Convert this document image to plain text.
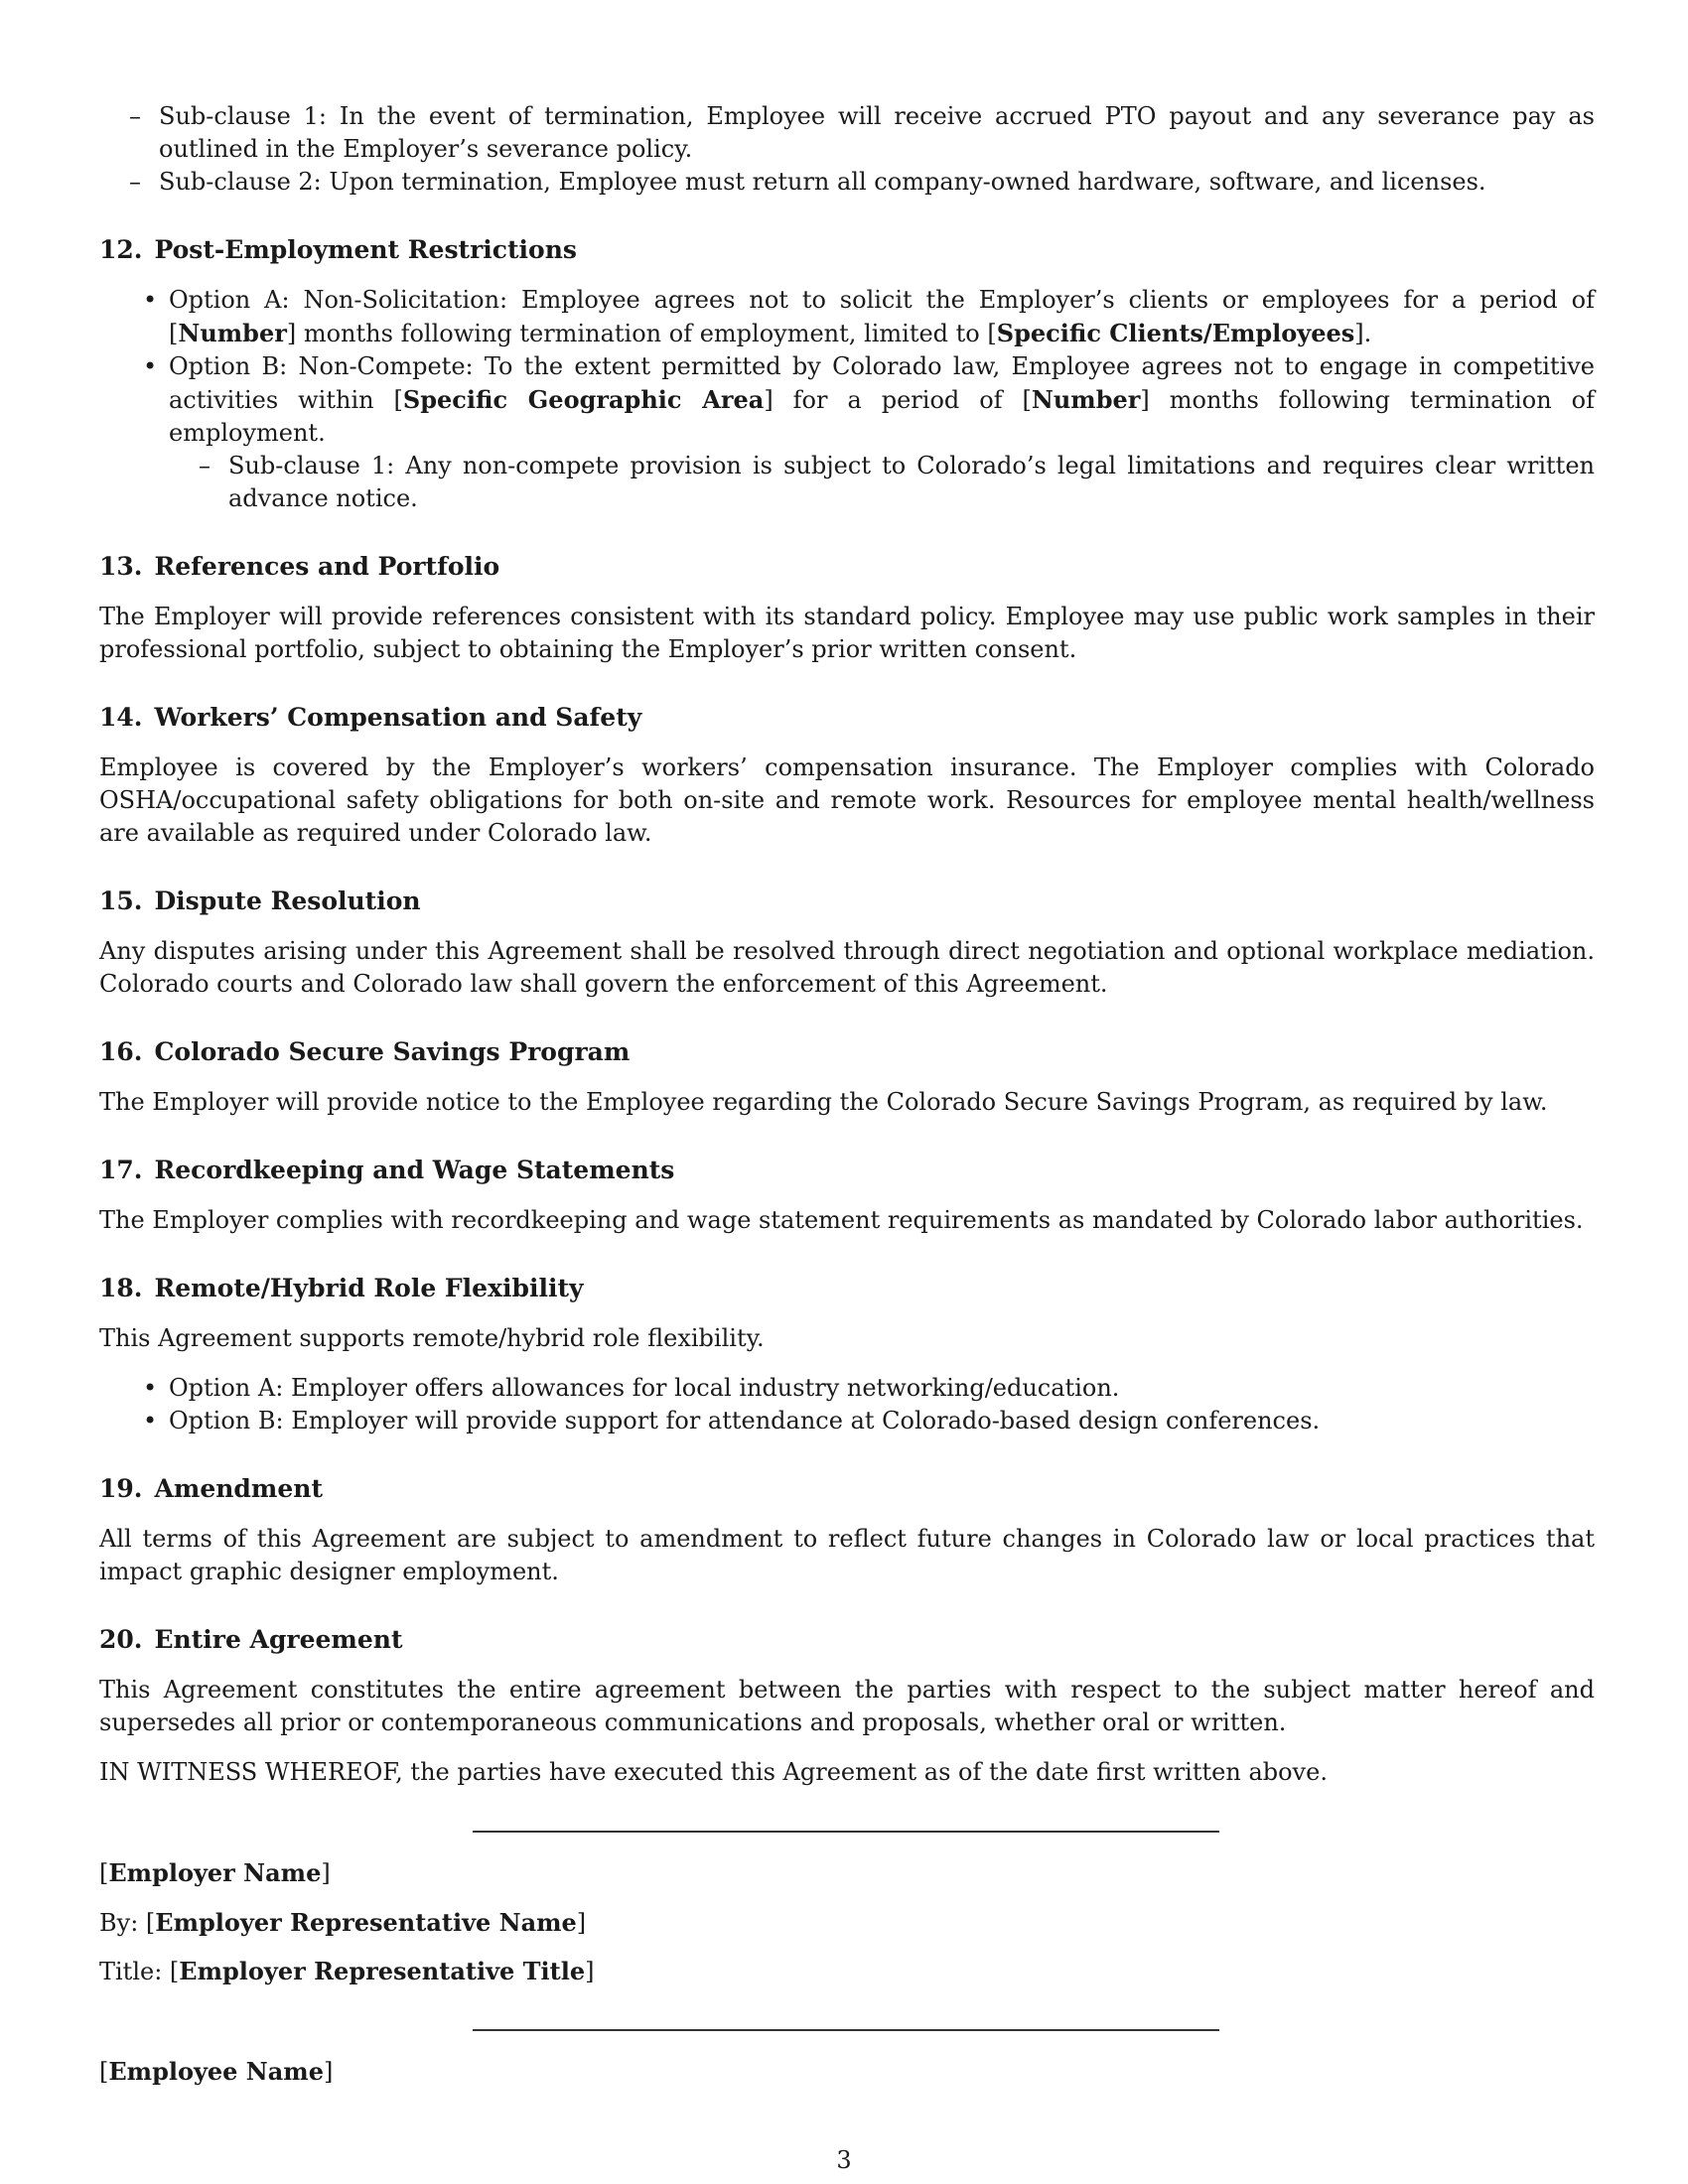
– Sub-clause 1: In the event of termination, Employee will receive accrued PTO payout and any severance pay as outlined in the Employer’s severance policy.
– Sub-clause 2: Upon termination, Employee must return all company-owned hardware, software, and licenses.
12. Post-Employment Restrictions
• Option A: Non-Solicitation: Employee agrees not to solicit the Employer’s clients or employees for a period of [Number] months following termination of employment, limited to [Specific Clients/Employees].
• Option B: Non-Compete: To the extent permitted by Colorado law, Employee agrees not to engage in competitive activities within [Specific Geographic Area] for a period of [Number] months following termination of employment.
– Sub-clause 1: Any non-compete provision is subject to Colorado’s legal limitations and requires clear written advance notice.
13. References and Portfolio

The Employer will provide references consistent with its standard policy. Employee may use public work samples in their professional portfolio, subject to obtaining the Employer’s prior written consent.

14. Workers’ Compensation and Safety

Employee is covered by the Employer’s workers’ compensation insurance. The Employer complies with Colorado OSHA/occupational safety obligations for both on-site and remote work. Resources for employee mental health/wellness are available as required under Colorado law.

15. Dispute Resolution

Any disputes arising under this Agreement shall be resolved through direct negotiation and optional workplace mediation. Colorado courts and Colorado law shall govern the enforcement of this Agreement.

16. Colorado Secure Savings Program

The Employer will provide notice to the Employee regarding the Colorado Secure Savings Program, as required by law.

17. Recordkeeping and Wage Statements

The Employer complies with recordkeeping and wage statement requirements as mandated by Colorado labor authorities.

18. Remote/Hybrid Role Flexibility

This Agreement supports remote/hybrid role flexibility.

• Option A: Employer offers allowances for local industry networking/education.
• Option B: Employer will provide support for attendance at Colorado-based design conferences.
19. Amendment

All terms of this Agreement are subject to amendment to reflect future changes in Colorado law or local practices that impact graphic designer employment.

20. Entire Agreement

This Agreement constitutes the entire agreement between the parties with respect to the subject matter hereof and supersedes all prior or contemporaneous communications and proposals, whether oral or written.

IN WITNESS WHEREOF, the parties have executed this Agreement as of the date first written above.

[Employer Name]
By: [Employer Representative Name]
Title: [Employer Representative Title]
[Employee Name]
3
